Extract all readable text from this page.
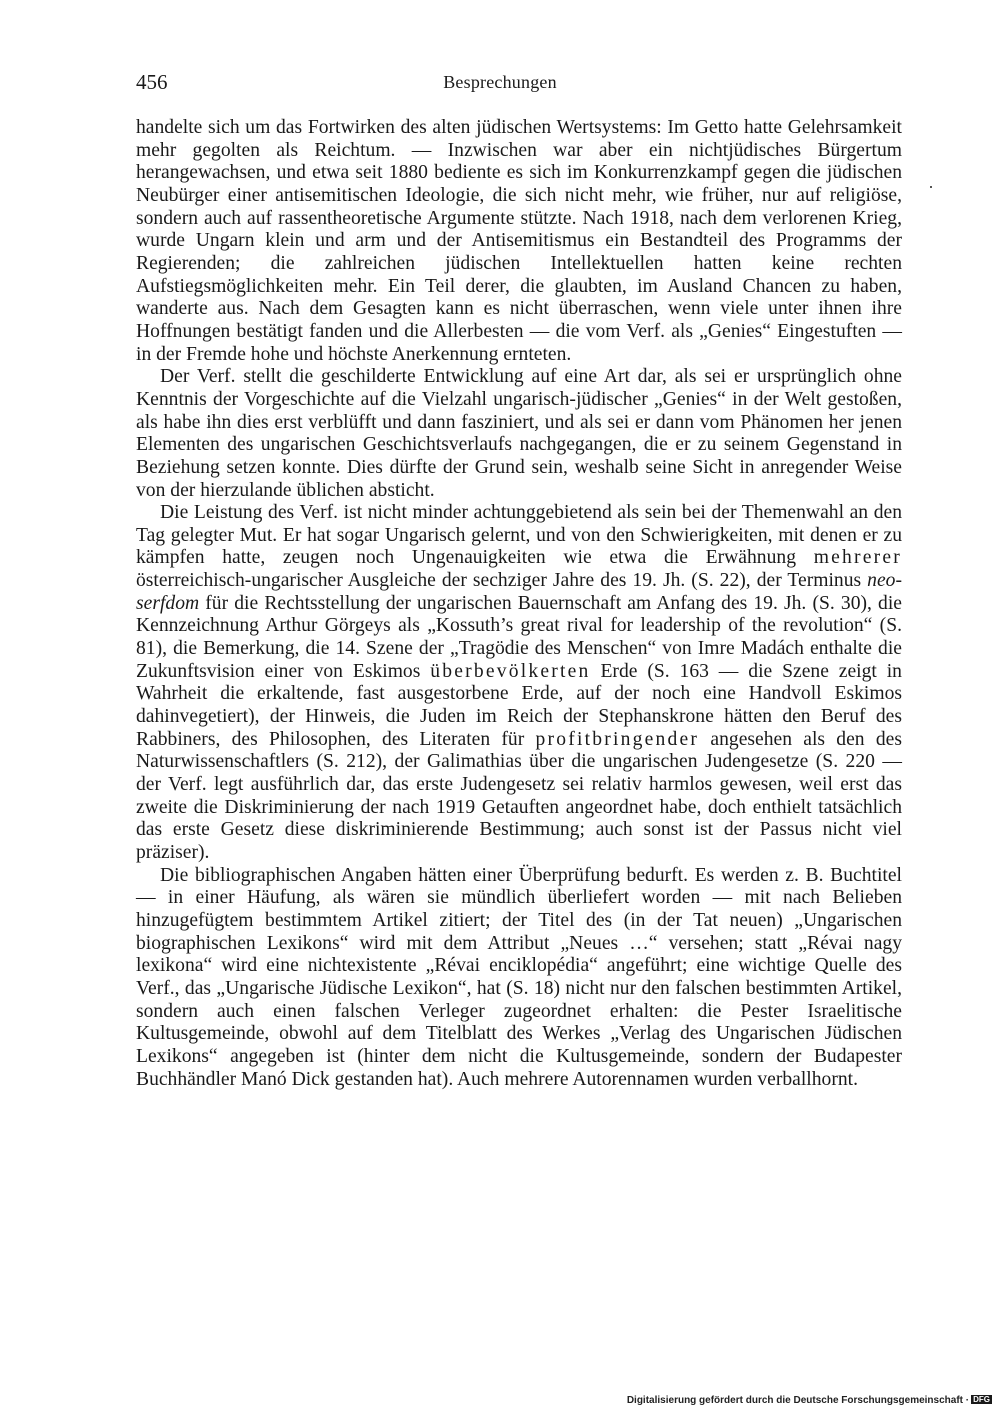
456	Besprechungen

handelte sich um das Fortwirken des alten jüdischen Wertsystems: Im Getto hatte Gelehrsamkeit mehr gegolten als Reichtum. — Inzwischen war aber ein nichtjüdisches Bürgertum herangewachsen, und etwa seit 1880 bediente es sich im Konkurrenzkampf gegen die jüdischen Neubürger einer antisemitischen Ideologie, die sich nicht mehr, wie früher, nur auf religiöse, sondern auch auf rassentheoretische Argumente stützte. Nach 1918, nach dem verlorenen Krieg, wurde Ungarn klein und arm und der Antisemitismus ein Bestandteil des Programms der Regierenden; die zahlreichen jüdischen Intellektuellen hatten keine rechten Aufstiegsmöglichkeiten mehr. Ein Teil derer, die glaubten, im Ausland Chancen zu haben, wanderte aus. Nach dem Gesagten kann es nicht überraschen, wenn viele unter ihnen ihre Hoffnungen bestätigt fanden und die Allerbesten — die vom Verf. als „Genies“ Eingestuften — in der Fremde hohe und höchste Anerkennung ernteten.

Der Verf. stellt die geschilderte Entwicklung auf eine Art dar, als sei er ursprünglich ohne Kenntnis der Vorgeschichte auf die Vielzahl ungarisch-jüdischer „Genies“ in der Welt gestoßen, als habe ihn dies erst verblüfft und dann fasziniert, und als sei er dann vom Phänomen her jenen Elementen des ungarischen Geschichtsverlaufs nachgegangen, die er zu seinem Gegenstand in Beziehung setzen konnte. Dies dürfte der Grund sein, weshalb seine Sicht in anregender Weise von der hierzulande üblichen absticht.

Die Leistung des Verf. ist nicht minder achtunggebietend als sein bei der Themenwahl an den Tag gelegter Mut. Er hat sogar Ungarisch gelernt, und von den Schwierigkeiten, mit denen er zu kämpfen hatte, zeugen noch Ungenauigkeiten wie etwa die Erwähnung mehrerer österreichisch-ungarischer Ausgleiche der sechziger Jahre des 19. Jh. (S. 22), der Terminus neo-serfdom für die Rechtsstellung der ungarischen Bauernschaft am Anfang des 19. Jh. (S. 30), die Kennzeichnung Arthur Görgeys als „Kossuth’s great rival for leadership of the revolution“ (S. 81), die Bemerkung, die 14. Szene der „Tragödie des Menschen“ von Imre Madách enthalte die Zukunftsvision einer von Eskimos überbevölkerten Erde (S. 163 — die Szene zeigt in Wahrheit die erkaltende, fast ausgestorbene Erde, auf der noch eine Handvoll Eskimos dahinvegetiert), der Hinweis, die Juden im Reich der Stephanskrone hätten den Beruf des Rabbiners, des Philosophen, des Literaten für profitbringender angesehen als den des Naturwissenschaftlers (S. 212), der Galimathias über die ungarischen Judengesetze (S. 220 — der Verf. legt ausführlich dar, das erste Judengesetz sei relativ harmlos gewesen, weil erst das zweite die Diskriminierung der nach 1919 Getauften angeordnet habe, doch enthielt tatsächlich das erste Gesetz diese diskriminierende Bestimmung; auch sonst ist der Passus nicht viel präziser).

Die bibliographischen Angaben hätten einer Überprüfung bedurft. Es werden z. B. Buchtitel — in einer Häufung, als wären sie mündlich überliefert worden — mit nach Belieben hinzugefügtem bestimmtem Artikel zitiert; der Titel des (in der Tat neuen) „Ungarischen biographischen Lexikons“ wird mit dem Attribut „Neues …“ versehen; statt „Révai nagy lexikona“ wird eine nichtexistente „Révai enciklopédia“ angeführt; eine wichtige Quelle des Verf., das „Ungarische Jüdische Lexikon“, hat (S. 18) nicht nur den falschen bestimmten Artikel, sondern auch einen falschen Verleger zugeordnet erhalten: die Pester Israelitische Kultusgemeinde, obwohl auf dem Titelblatt des Werkes „Verlag des Ungarischen Jüdischen Lexikons“ angegeben ist (hinter dem nicht die Kultusgemeinde, sondern der Budapester Buchhändler Manó Dick gestanden hat). Auch mehrere Autorennamen wurden verballhornt.

Digitalisierung gefördert durch die Deutsche Forschungsgemeinschaft · DFG
